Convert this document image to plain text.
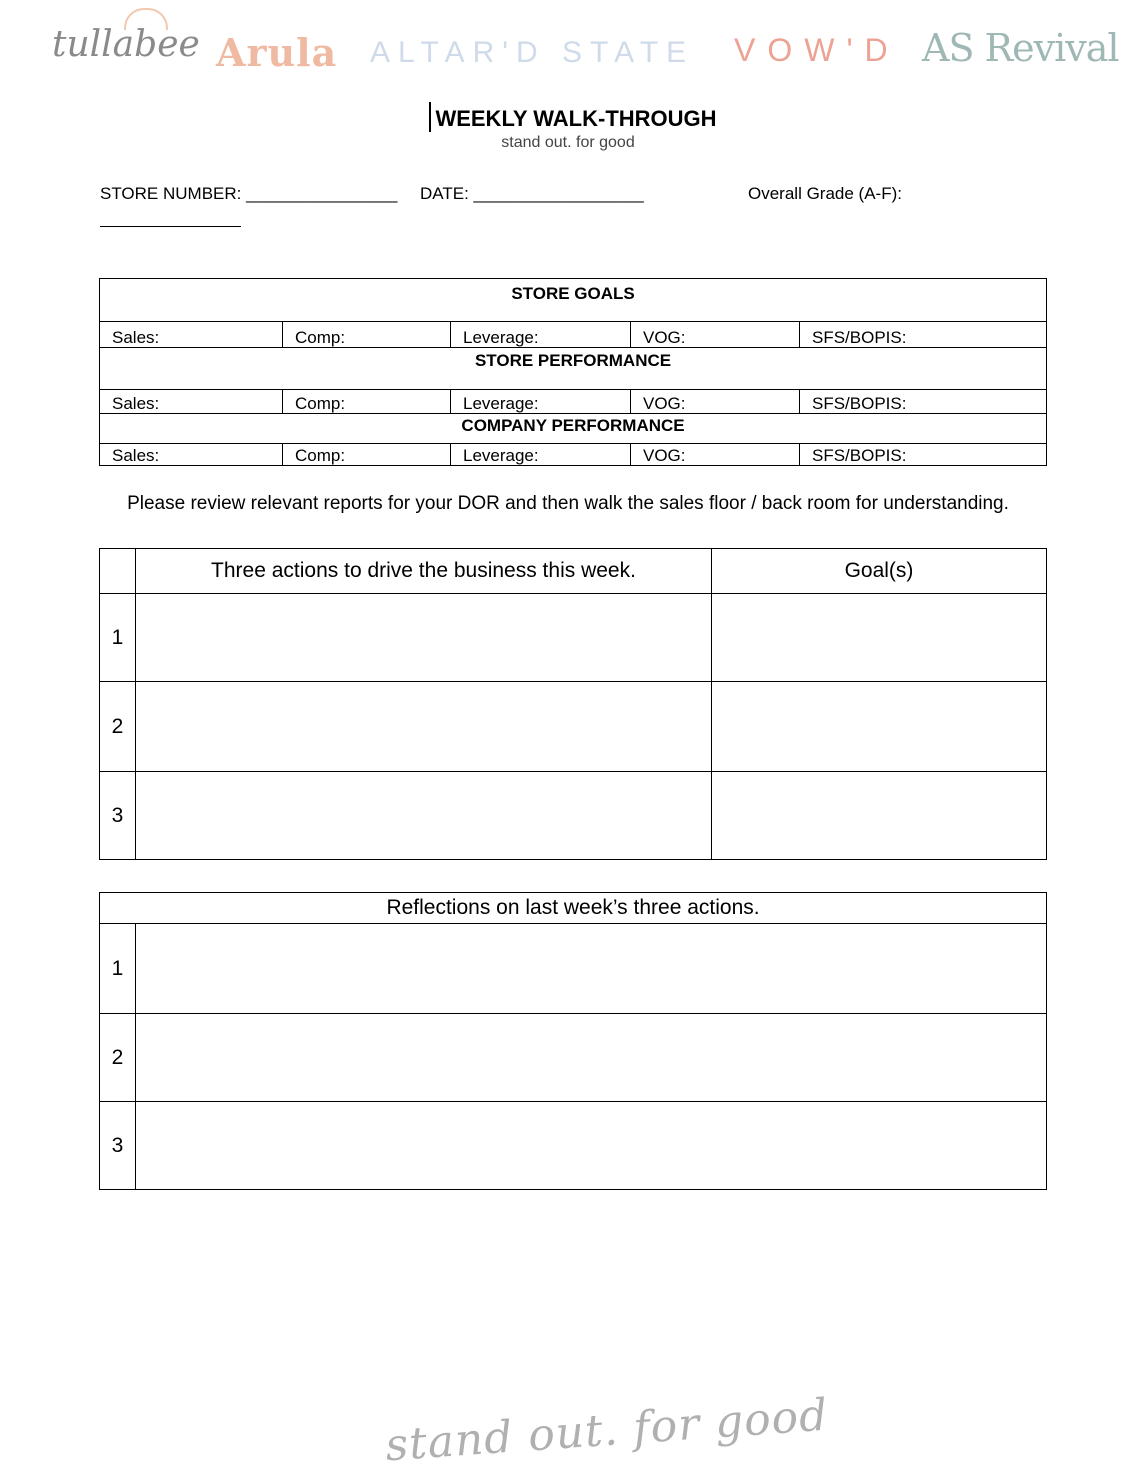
tullabee Arula ALTAR'D STATE VOW'D AS Revival
WEEKLY WALK-THROUGH
stand out. for good
STORE NUMBER: ________________ DATE: __________________	Overall Grade (A-F):
STORE GOALS				
Sales:	Comp:	Leverage:	VOG:	SFS/BOPIS:
STORE PERFORMANCE				
Sales:	Comp:	Leverage:	VOG:	SFS/BOPIS:
COMPANY PERFORMANCE				
Sales:	Comp:	Leverage:	VOG:	SFS/BOPIS:
Please review relevant reports for your DOR and then walk the sales floor / back room for understanding.
	Three actions to drive the business this week.	Goal(s)
1		
2		
3		
Reflections on last week’s three actions.	
1	
2	
3	
stand out. for good
